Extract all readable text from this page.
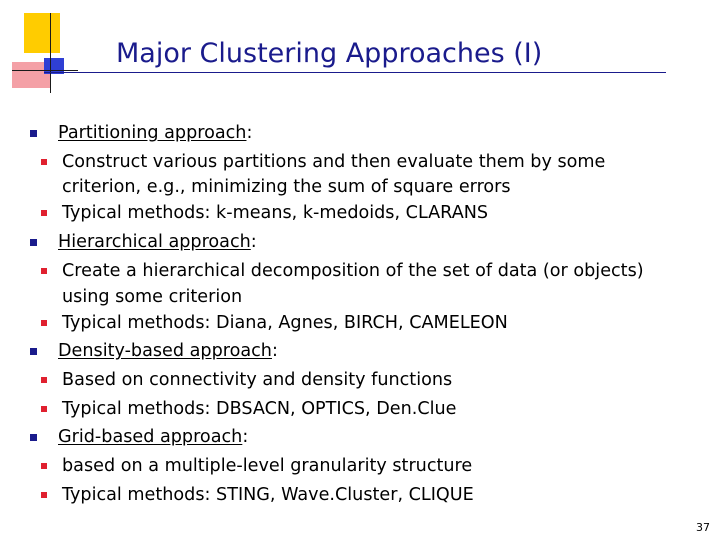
Major Clustering Approaches (I)
Partitioning approach:
Construct various partitions and then evaluate them by some
criterion, e.g., minimizing the sum of square errors
Typical methods: k-means, k-medoids, CLARANS
Hierarchical approach:
Create a hierarchical decomposition of the set of data (or objects)
using some criterion
Typical methods: Diana, Agnes, BIRCH, CAMELEON
Density-based approach:
Based on connectivity and density functions
Typical methods: DBSACN, OPTICS, Den.Clue
Grid-based approach:
based on a multiple-level granularity structure
Typical methods: STING, Wave.Cluster, CLIQUE
37
